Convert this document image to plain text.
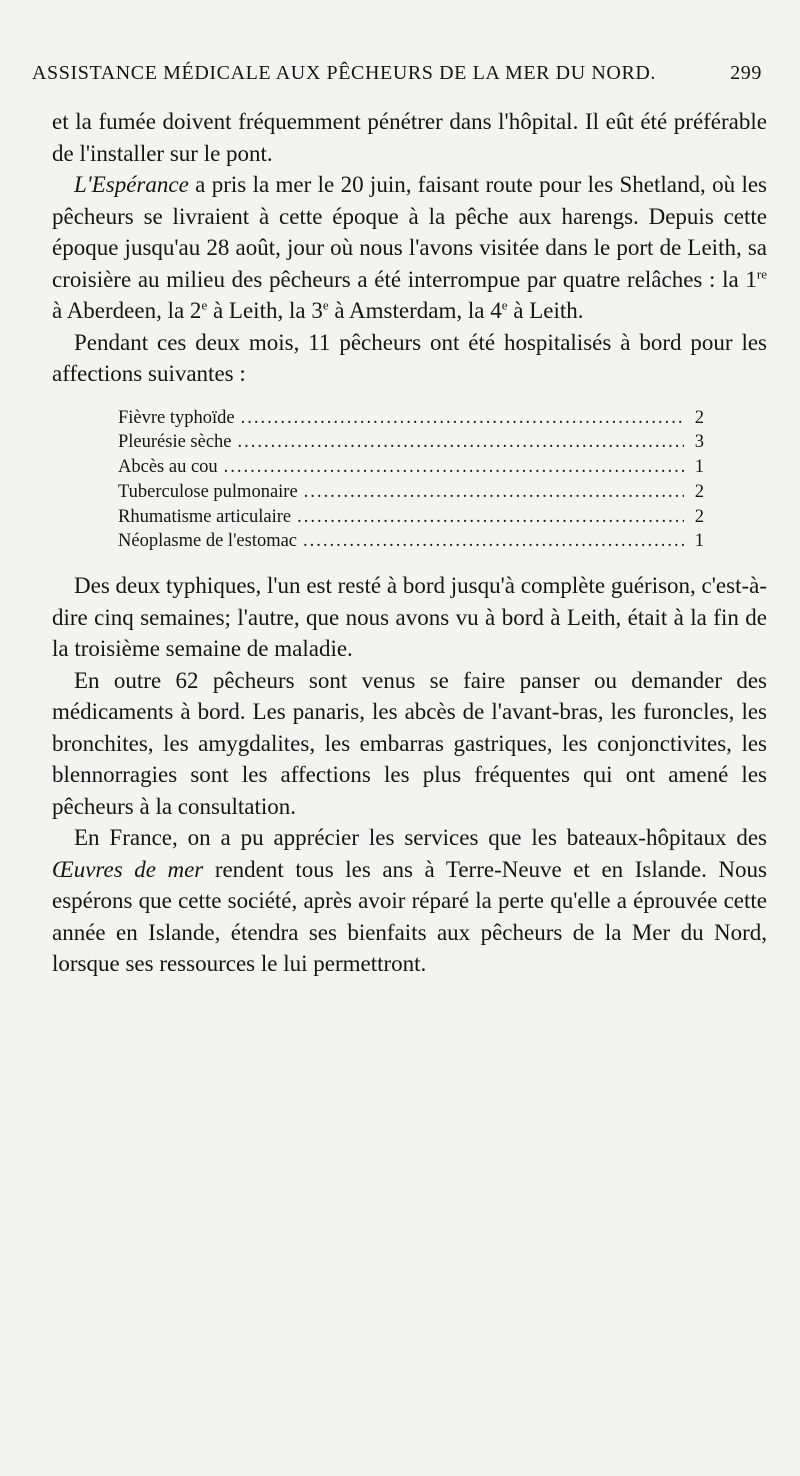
ASSISTANCE MÉDICALE AUX PÊCHEURS DE LA MER DU NORD.	299

et la fumée doivent fréquemment pénétrer dans l'hôpital. Il eût été préférable de l'installer sur le pont.

L'Espérance a pris la mer le 20 juin, faisant route pour les Shetland, où les pêcheurs se livraient à cette époque à la pêche aux harengs. Depuis cette époque jusqu'au 28 août, jour où nous l'avons visitée dans le port de Leith, sa croisière au milieu des pêcheurs a été interrompue par quatre relâches : la 1re à Aberdeen, la 2e à Leith, la 3e à Amsterdam, la 4e à Leith.

Pendant ces deux mois, 11 pêcheurs ont été hospitalisés à bord pour les affections suivantes :

Fièvre typhoïde .....	2
Pleurésie sèche .....	3
Abcès au cou .....	1
Tuberculose pulmonaire .....	2
Rhumatisme articulaire .....	2
Néoplasme de l'estomac .....	1

Des deux typhiques, l'un est resté à bord jusqu'à complète guérison, c'est-à-dire cinq semaines; l'autre, que nous avons vu à bord à Leith, était à la fin de la troisième semaine de maladie.

En outre 62 pêcheurs sont venus se faire panser ou demander des médicaments à bord. Les panaris, les abcès de l'avant-bras, les furoncles, les bronchites, les amygdalites, les embarras gastriques, les conjonctivites, les blennorragies sont les affections les plus fréquentes qui ont amené les pêcheurs à la consultation.

En France, on a pu apprécier les services que les bateaux-hôpitaux des Œuvres de mer rendent tous les ans à Terre-Neuve et en Islande. Nous espérons que cette société, après avoir réparé la perte qu'elle a éprouvée cette année en Islande, étendra ses bienfaits aux pêcheurs de la Mer du Nord, lorsque ses ressources le lui permettront.
